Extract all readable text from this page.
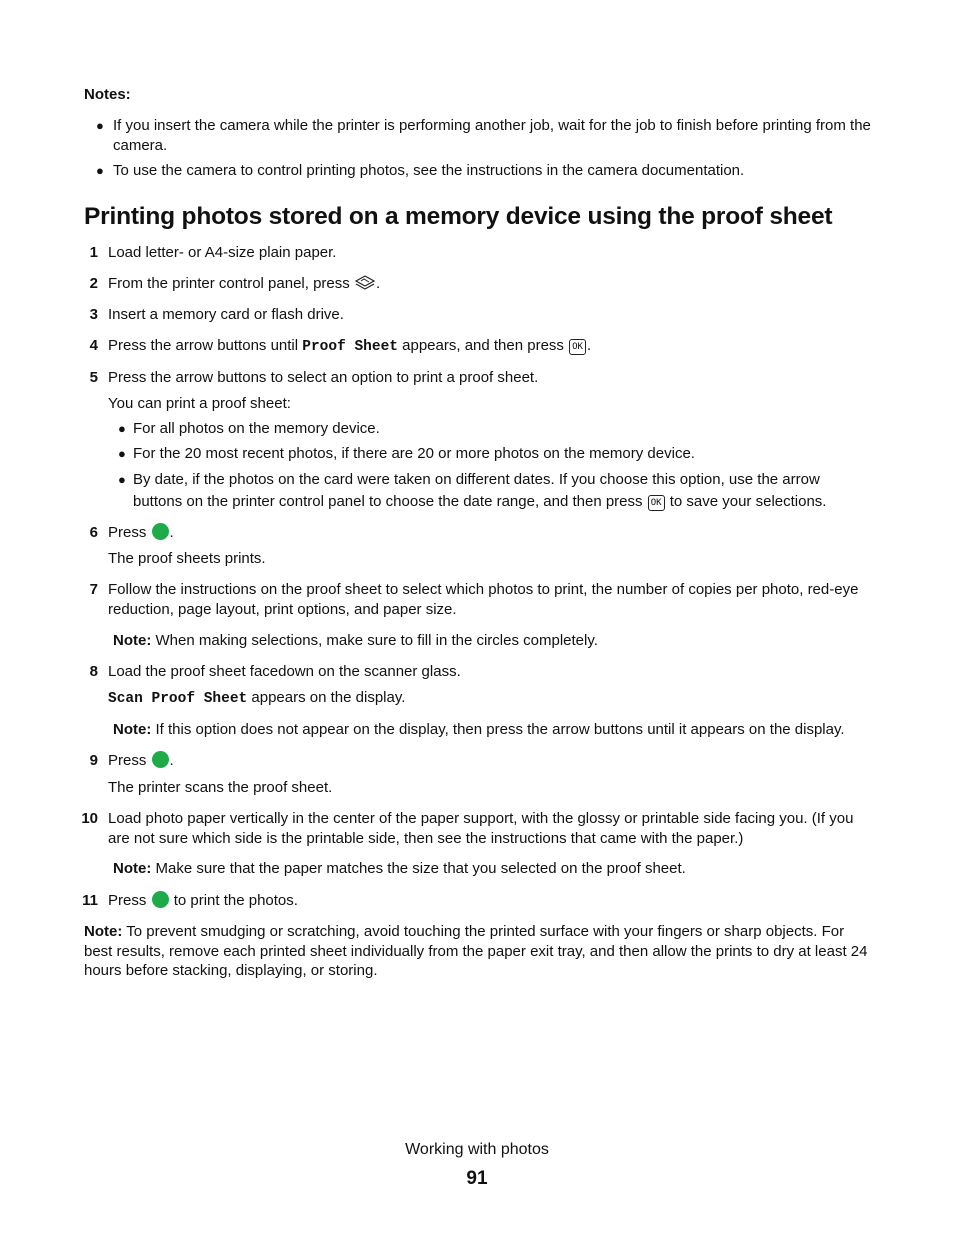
Notes:
● If you insert the camera while the printer is performing another job, wait for the job to finish before printing from the camera.
● To use the camera to control printing photos, see the instructions in the camera documentation.
Printing photos stored on a memory device using the proof sheet
1 Load letter- or A4-size plain paper.
2 From the printer control panel, press .
3 Insert a memory card or flash drive.
4 Press the arrow buttons until Proof Sheet appears, and then press OK .
5 Press the arrow buttons to select an option to print a proof sheet.
You can print a proof sheet:
● For all photos on the memory device.
● For the 20 most recent photos, if there are 20 or more photos on the memory device.
● By date, if the photos on the card were taken on different dates. If you choose this option, use the arrow
buttons on the printer control panel to choose the date range, and then press OK to save your selections.
6 Press .
The proof sheets prints.
7 Follow the instructions on the proof sheet to select which photos to print, the number of copies per photo, red-eye reduction, page layout, print options, and paper size.
Note: When making selections, make sure to fill in the circles completely.
8 Load the proof sheet facedown on the scanner glass.
Scan Proof Sheet appears on the display.
Note: If this option does not appear on the display, then press the arrow buttons until it appears on the display.
9 Press .
The printer scans the proof sheet.
10 Load photo paper vertically in the center of the paper support, with the glossy or printable side facing you. (If you are not sure which side is the printable side, then see the instructions that came with the paper.)
Note: Make sure that the paper matches the size that you selected on the proof sheet.
11 Press to print the photos.
Note: To prevent smudging or scratching, avoid touching the printed surface with your fingers or sharp objects. For best results, remove each printed sheet individually from the paper exit tray, and then allow the prints to dry at least 24 hours before stacking, displaying, or storing.
Working with photos
91
